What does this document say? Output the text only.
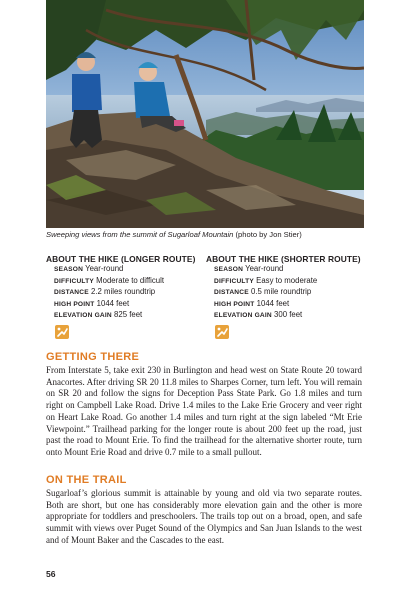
Sweeping views from the summit of Sugarloaf Mountain (photo by Jon Stier)
ABOUT THE HIKE (LONGER ROUTE)
SEASON Year-round
DIFFICULTY Moderate to difficult
DISTANCE 2.2 miles roundtrip
HIGH POINT 1044 feet
ELEVATION GAIN 825 feet
ABOUT THE HIKE (SHORTER ROUTE)
SEASON Year-round
DIFFICULTY Easy to moderate
DISTANCE 0.5 mile roundtrip
HIGH POINT 1044 feet
ELEVATION GAIN 300 feet
GETTING THERE

From Interstate 5, take exit 230 in Burlington and head west on State Route 20 toward Anacortes. After driving SR 20 11.8 miles to Sharpes Corner, turn left. You will remain on SR 20 and follow the signs for Deception Pass State Park. Go 1.8 miles and turn right on Campbell Lake Road. Drive 1.4 miles to the Lake Erie Grocery and veer right on Heart Lake Road. Go another 1.4 miles and turn right at the sign labeled “Mt Erie Viewpoint.” Trailhead parking for the longer route is about 200 feet up the road, just past the road to Mount Erie. To find the trailhead for the alternative shorter route, turn onto Mount Erie Road and drive 0.7 mile to a small pullout.

ON THE TRAIL

Sugarloaf’s glorious summit is attainable by young and old via two separate routes. Both are short, but one has considerably more elevation gain and the other is more appropriate for toddlers and preschoolers. The trails top out on a broad, open, and safe summit with views over Puget Sound of the Olympics and San Juan Islands to the west and of Mount Baker and the Cascades to the east.

56
